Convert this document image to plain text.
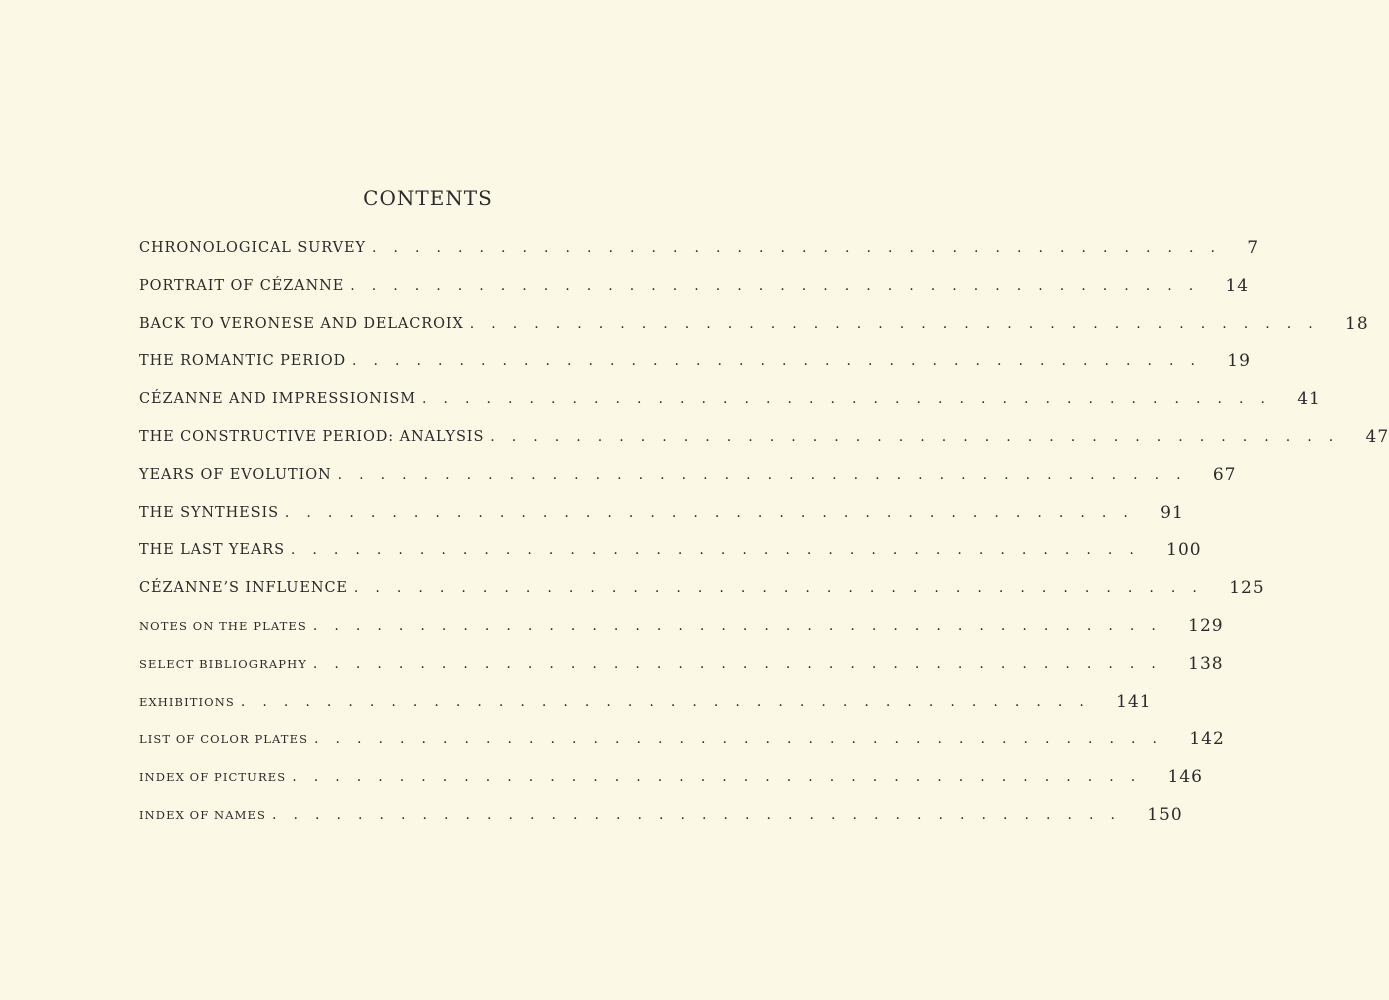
CONTENTS
CHRONOLOGICAL SURVEY . . . . . . . . . . . . . . . . . . . . . . . . . . . . . . . . . . . . . . . . 7
PORTRAIT OF CÉZANNE . . . . . . . . . . . . . . . . . . . . . . . . . . . . . . . . . . . . . . . . 14
BACK TO VERONESE AND DELACROIX . . . . . . . . . . . . . . . . . . . . . . . . . . . . . . . . . . . . . . . . 18
THE ROMANTIC PERIOD . . . . . . . . . . . . . . . . . . . . . . . . . . . . . . . . . . . . . . . . 19
CÉZANNE AND IMPRESSIONISM . . . . . . . . . . . . . . . . . . . . . . . . . . . . . . . . . . . . . . . . 41
THE CONSTRUCTIVE PERIOD: ANALYSIS . . . . . . . . . . . . . . . . . . . . . . . . . . . . . . . . . . . . . . . . 47
YEARS OF EVOLUTION . . . . . . . . . . . . . . . . . . . . . . . . . . . . . . . . . . . . . . . . 67
THE SYNTHESIS . . . . . . . . . . . . . . . . . . . . . . . . . . . . . . . . . . . . . . . . 91
THE LAST YEARS . . . . . . . . . . . . . . . . . . . . . . . . . . . . . . . . . . . . . . . . 100
CÉZANNE’S INFLUENCE . . . . . . . . . . . . . . . . . . . . . . . . . . . . . . . . . . . . . . . . 125
NOTES ON THE PLATES . . . . . . . . . . . . . . . . . . . . . . . . . . . . . . . . . . . . . . . . 129
SELECT BIBLIOGRAPHY . . . . . . . . . . . . . . . . . . . . . . . . . . . . . . . . . . . . . . . . 138
EXHIBITIONS . . . . . . . . . . . . . . . . . . . . . . . . . . . . . . . . . . . . . . . . 141
LIST OF COLOR PLATES . . . . . . . . . . . . . . . . . . . . . . . . . . . . . . . . . . . . . . . . 142
INDEX OF PICTURES . . . . . . . . . . . . . . . . . . . . . . . . . . . . . . . . . . . . . . . . 146
INDEX OF NAMES . . . . . . . . . . . . . . . . . . . . . . . . . . . . . . . . . . . . . . . . 150
